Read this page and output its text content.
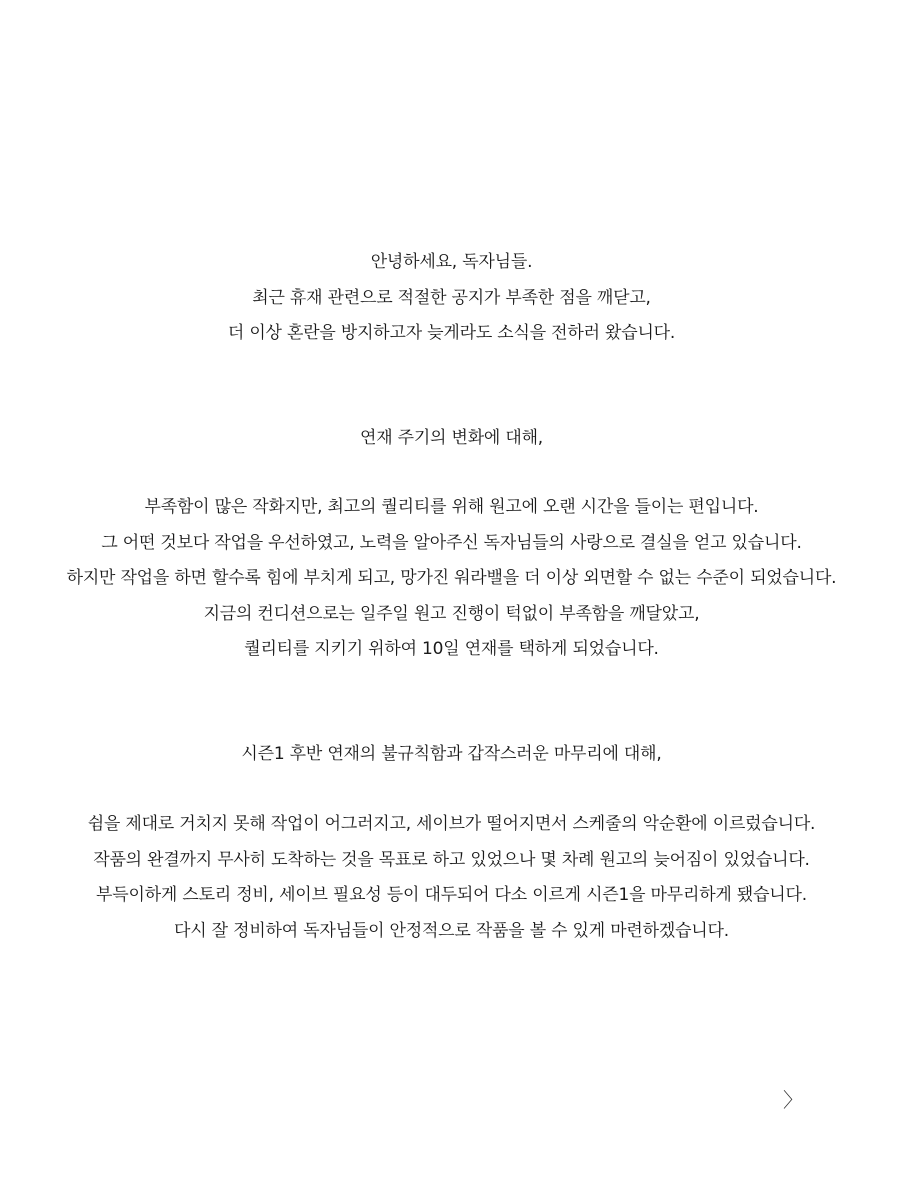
안녕하세요, 독자님들.
최근 휴재 관련으로 적절한 공지가 부족한 점을 깨닫고,
더 이상 혼란을 방지하고자 늦게라도 소식을 전하러 왔습니다.
연재 주기의 변화에 대해,
부족함이 많은 작화지만, 최고의 퀄리티를 위해 원고에 오랜 시간을 들이는 편입니다.
그 어떤 것보다 작업을 우선하였고, 노력을 알아주신 독자님들의 사랑으로 결실을 얻고 있습니다.
하지만 작업을 하면 할수록 힘에 부치게 되고, 망가진 워라밸을 더 이상 외면할 수 없는 수준이 되었습니다.
지금의 컨디션으로는 일주일 원고 진행이 턱없이 부족함을 깨달았고,
퀄리티를 지키기 위하여 10일 연재를 택하게 되었습니다.
시즌1 후반 연재의 불규칙함과 갑작스러운 마무리에 대해,
쉼을 제대로 거치지 못해 작업이 어그러지고, 세이브가 떨어지면서 스케줄의 악순환에 이르렀습니다.
작품의 완결까지 무사히 도착하는 것을 목표로 하고 있었으나 몇 차례 원고의 늦어짐이 있었습니다.
부득이하게 스토리 정비, 세이브 필요성 등이 대두되어 다소 이르게 시즌1을 마무리하게 됐습니다.
다시 잘 정비하여 독자님들이 안정적으로 작품을 볼 수 있게 마련하겠습니다.
〉
